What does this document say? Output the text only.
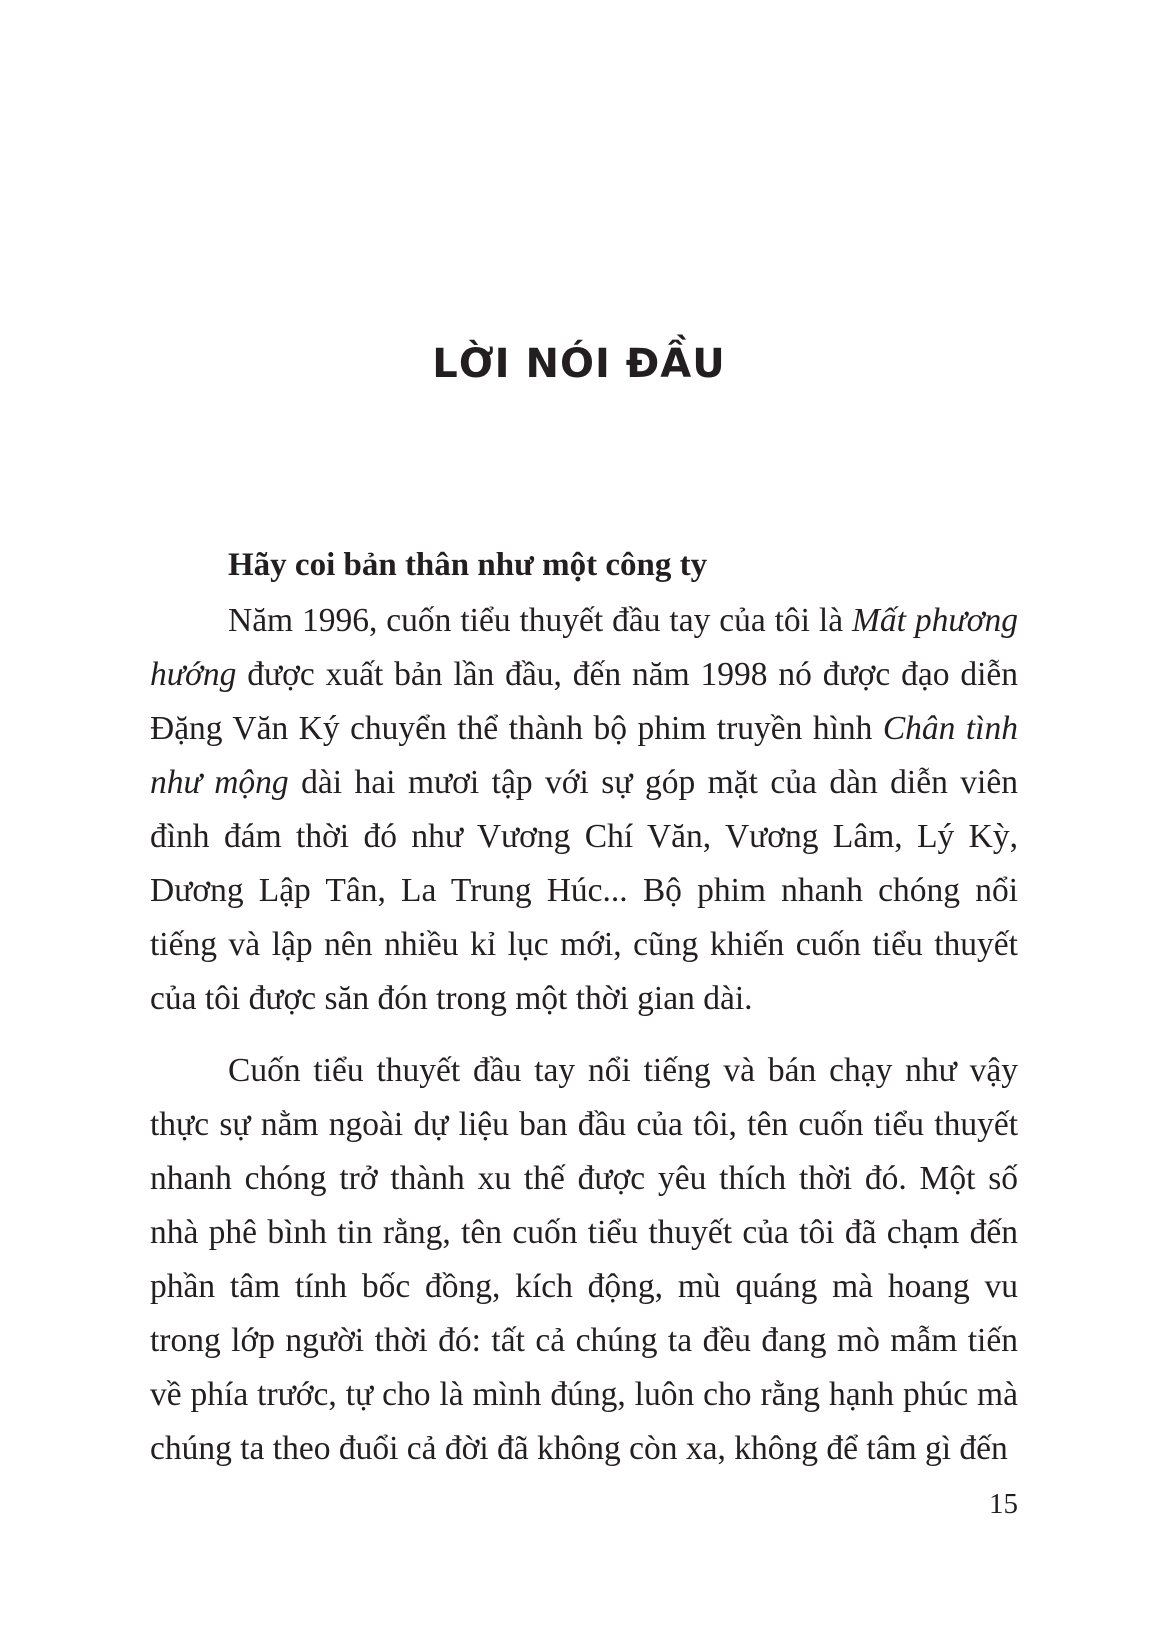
LỜI NÓI ĐẦU
Hãy coi bản thân như một công ty

Năm 1996, cuốn tiểu thuyết đầu tay của tôi là Mất phương hướng được xuất bản lần đầu, đến năm 1998 nó được đạo diễn Đặng Văn Ký chuyển thể thành bộ phim truyền hình Chân tình như mộng dài hai mươi tập với sự góp mặt của dàn diễn viên đình đám thời đó như Vương Chí Văn, Vương Lâm, Lý Kỳ, Dương Lập Tân, La Trung Húc... Bộ phim nhanh chóng nổi tiếng và lập nên nhiều kỉ lục mới, cũng khiến cuốn tiểu thuyết của tôi được săn đón trong một thời gian dài.

Cuốn tiểu thuyết đầu tay nổi tiếng và bán chạy như vậy thực sự nằm ngoài dự liệu ban đầu của tôi, tên cuốn tiểu thuyết nhanh chóng trở thành xu thế được yêu thích thời đó. Một số nhà phê bình tin rằng, tên cuốn tiểu thuyết của tôi đã chạm đến phần tâm tính bốc đồng, kích động, mù quáng mà hoang vu trong lớp người thời đó: tất cả chúng ta đều đang mò mẫm tiến về phía trước, tự cho là mình đúng, luôn cho rằng hạnh phúc mà chúng ta theo đuổi cả đời đã không còn xa, không để tâm gì đến

15
